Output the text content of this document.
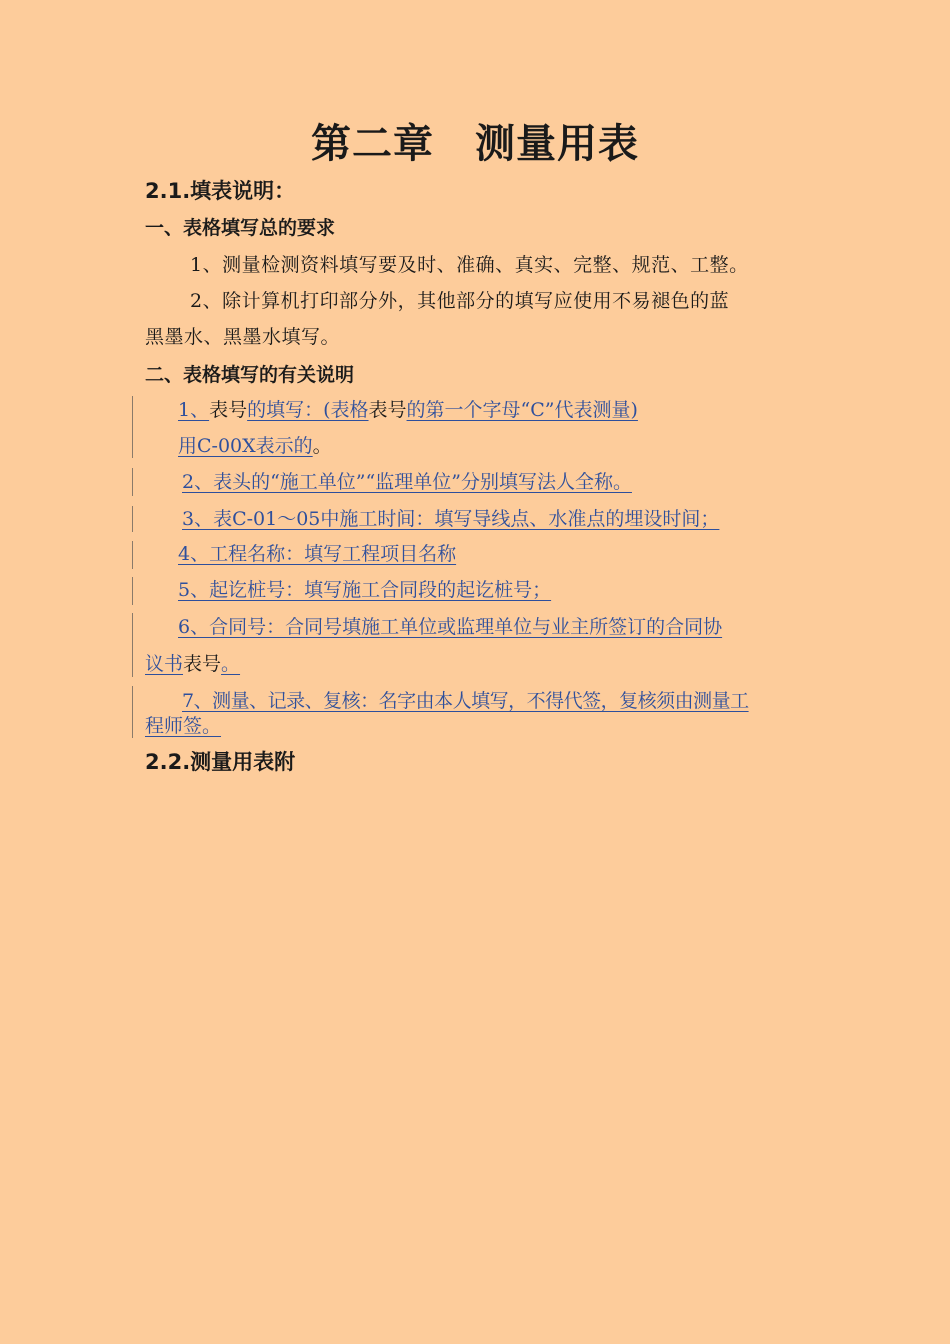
第二章　测量用表
2.1.填表说明：
一、表格填写总的要求
1、测量检测资料填写要及时、准确、真实、完整、规范、工整。
2、除计算机打印部分外，其他部分的填写应使用不易褪色的蓝
黑墨水、黑墨水填写。
二、表格填写的有关说明
1、表号的填写：(表格表号的第一个字母“C”代表测量)
用C-00X表示的。
2、表头的“施工单位”“监理单位”分别填写法人全称。
3、表C-01～05中施工时间：填写导线点、水准点的埋设时间；
4、工程名称：填写工程项目名称
5、起讫桩号：填写施工合同段的起讫桩号；
6、合同号：合同号填施工单位或监理单位与业主所签订的合同协
议书表号。
7、测量、记录、复核：名字由本人填写，不得代签，复核须由测量工
程师签。
2.2.测量用表附
